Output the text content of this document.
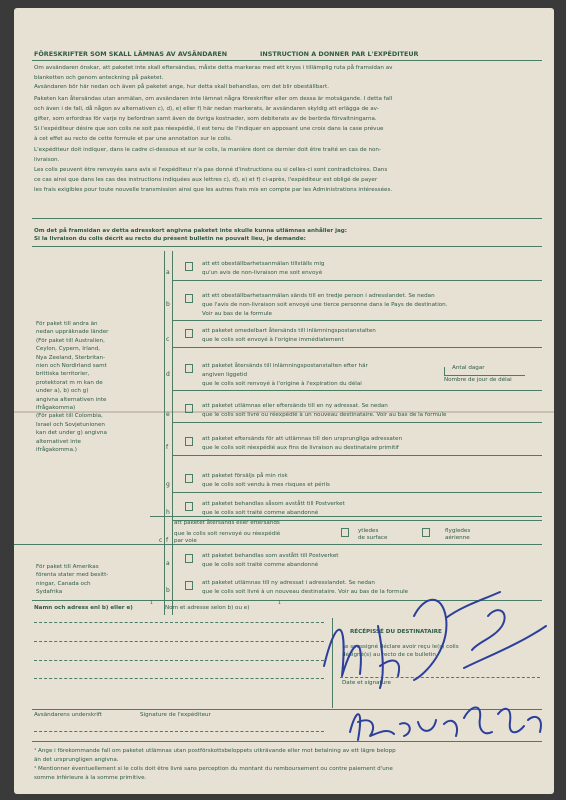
FÖRESKRIFTER SOM SKALL LÄMNAS AV AVSÄNDAREN	INSTRUCTION A DONNER PAR L'EXPÉDITEUR
Om det på framsidan av detta adresskort angivna paketet inte skulle kunna utlämnas anhåller jag:
Si la livraison du colis décrit au recto du présent bulletin ne pouvait lieu, je demande:
c f
att paketet återsänds eller eftersänds
que le colis soit renvoyé ou réexpédié
par voie
ytledes
de surface
flygledes
aérienne
Namn och adress enl b) eller e)
1
Nom et adresse selon b) ou e)
1
RÉCÉPISSÉ DU DESTINATAIRE
Le soussigné déclare avoir reçu le(s) colis
désigné(s) au recto de ce bulletin
Date et signature
Avsändarens underskrift	Signature de l'expéditeur
Om avsändaren önskar, att paketet inte skall eftersändas, måste detta markeras med ett kryss i tillämplig ruta på framsidan av
blanketten och genom anteckning på paketet.
Avsändaren bör här nedan och även på paketet ange, hur detta skall behandlas, om det blir obeställbart.
Paketen kan återsändas utan anmälan, om avsändaren inte lämnat några föreskrifter eller om dessa är motsägande. I detta fall
och även i de fall, då någon av alternativen c), d), e) eller f) här nedan markerats, är avsändaren skyldig att erlägga de av-
gifter, som erfordras för varje ny befordran samt även de övriga kostnader, som debiterats av de berörda förvaltningarna.
Si l'expéditeur désire que son colis ne soit pas réexpédié, il est tenu de l'indiquer en apposant une croix dans la case prévue
à cet effet au recto de cette formule et par une annotation sur le colis.
L'expéditeur doit indiquer, dans le cadre ci-dessous et sur le colis, la manière dont ce dernier doit être traité en cas de non-
livraison.
Les colis peuvent être renvoyés sans avis si l'expéditeur n'a pas donné d'instructions ou si celles-ci sont contradictoires. Dans
ce cas ainsi que dans les cas des instructions indiquées aux lettres c), d), e) et f) ci-après, l'expéditeur est obligé de payer
les frais exigibles pour toute nouvelle transmission ainsi que les autres frais mis en compte par les Administrations intéressées.
För paket till andra än
nedan uppräknade länder
(För paket till Australien,
Ceylon, Cypern, Irland,
Nya Zeeland, Sterbritan-
nien och Nordirland samt
brittiska territorier,
protektorat m m kan de
under a), b) och g)
angivna alternativen inte
ifrågakomma)
(För paket till Colombia,
Israel och Sovjetunionen
kan det under g) angivna
alternativet inte
ifrågakomma.)
För paket till Amerikas
förenta stater med besitt-
ningar, Canada och
Sydafrika
a
att ett obeställbarhetsanmälan tillställs mig
qu'un avis de non-livraison me soit envoyé
b
att ett obeställbarhetsanmälan sänds till en tredje person i adresslandet. Se nedan
que l'avis de non-livraison soit envoyé une tierce personne dans le Pays de destination.
Voir au bas de la formule
c
att paketet omedelbart återsänds till inlämningspostanstalten
que le colis soit envoyé à l'origine immédiatement
d
att paketet återsänds till inlämningspostanstalten efter här
angiven liggetid
que le colis soit renvoyé à l'origine à l'expiration du délai
Antal dagar
Nombre de jour de délai
e
att paketet utlämnas eller eftersänds till en ny adressat. Se nedan
que le colis soit livré ou réexpédié à un nouveau destinataire. Voir au bas de la formule
f
att paketet eftersänds för att utlämnas till den ursprungliga adressaten
que le colis soit réexpédié aux fins de livraison au destinataire primitif
g
att paketet försäljs på min risk
que le colis soit vendu à mes risques et périls
h
att paketet behandlas såsom avstått till Postverket
que le colis soit traité comme abandonné
a
att paketet behandlas som avstått till Postverket
que le colis soit traité comme abandonné
b
att paketet utlämnas till ny adressat i adresslandet. Se nedan
que le colis soit livré à un nouveau destinataire. Voir au bas de la formule
¹ Ange i förekommande fall om paketet utlämnas utan postförskottsbeloppets utkrävande eller mot betalning av ett lägre belopp
än det ursprungligen angivna.
¹ Mentionner éventuellement si le colis doit être livré sans perception du montant du remboursement ou contre paiement d'une
somme inférieure à la somme primitive.
